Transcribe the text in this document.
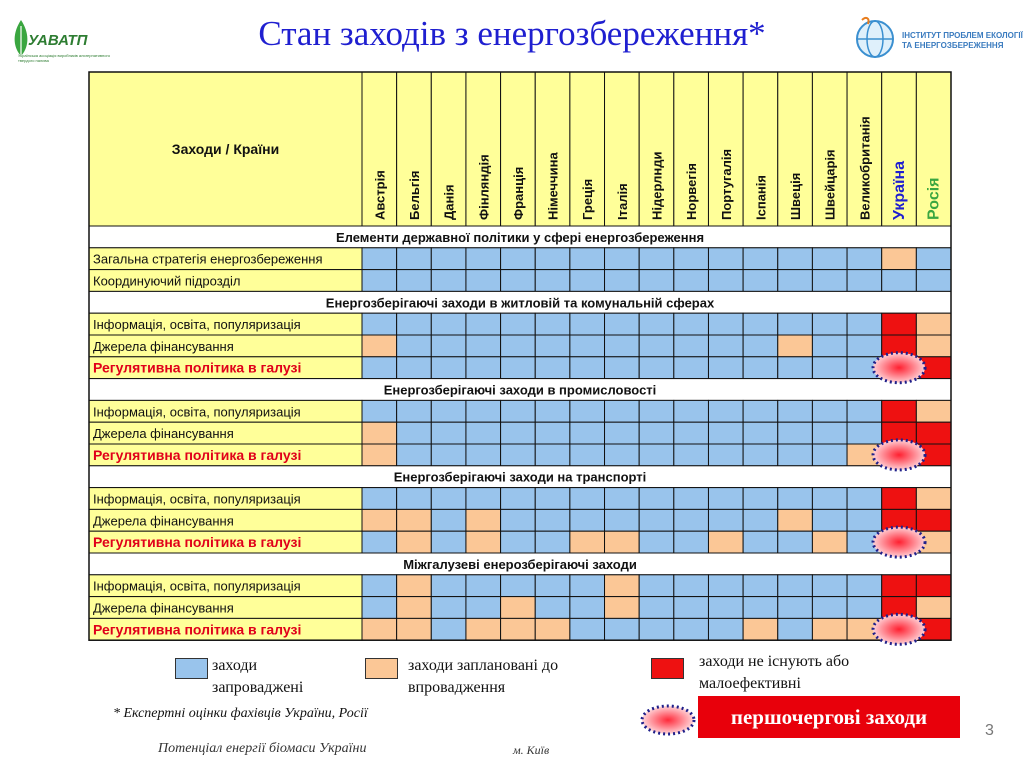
Стан заходів з енергозбереження*
УАВАТП
Українська асоціація виробників альтернативного твердого палива
ІНСТИТУТ ПРОБЛЕМ ЕКОЛОГІЇ ТА ЕНЕРГОЗБЕРЕЖЕННЯ
Заходи / Країни
Австрія Бельгія Данія Фінляндія Франція Німеччина Греція Італія Нідерлнди Норвегія Португалія Іспанія Швеція Швейцарія Великобританія Україна Росія
Елементи державної політики у сфері енергозбереження
Загальна стратегія енергозбереження
Координуючий підрозділ
Енергозберігаючі заходи в житловій та комунальній сферах
Інформація, освіта, популяризація
Джерела фінансування
Регулятивна політика в галузі
Енергозберігаючі заходи в промисловості
Інформація, освіта, популяризація
Джерела фінансування
Регулятивна політика в галузі
Енергозберігаючі заходи на транспорті
Інформація, освіта, популяризація
Джерела фінансування
Регулятивна політика в галузі
Міжгалузеві енерозберігаючі заходи
Інформація, освіта, популяризація
Джерела фінансування
Регулятивна політика в галузі
заходи запроваджені
заходи заплановані до впровадження
заходи не існують або малоефективні
першочергові заходи
* Експертні оцінки фахівців України, Росії
Потенціал енергії біомаси України	м. Київ
3
